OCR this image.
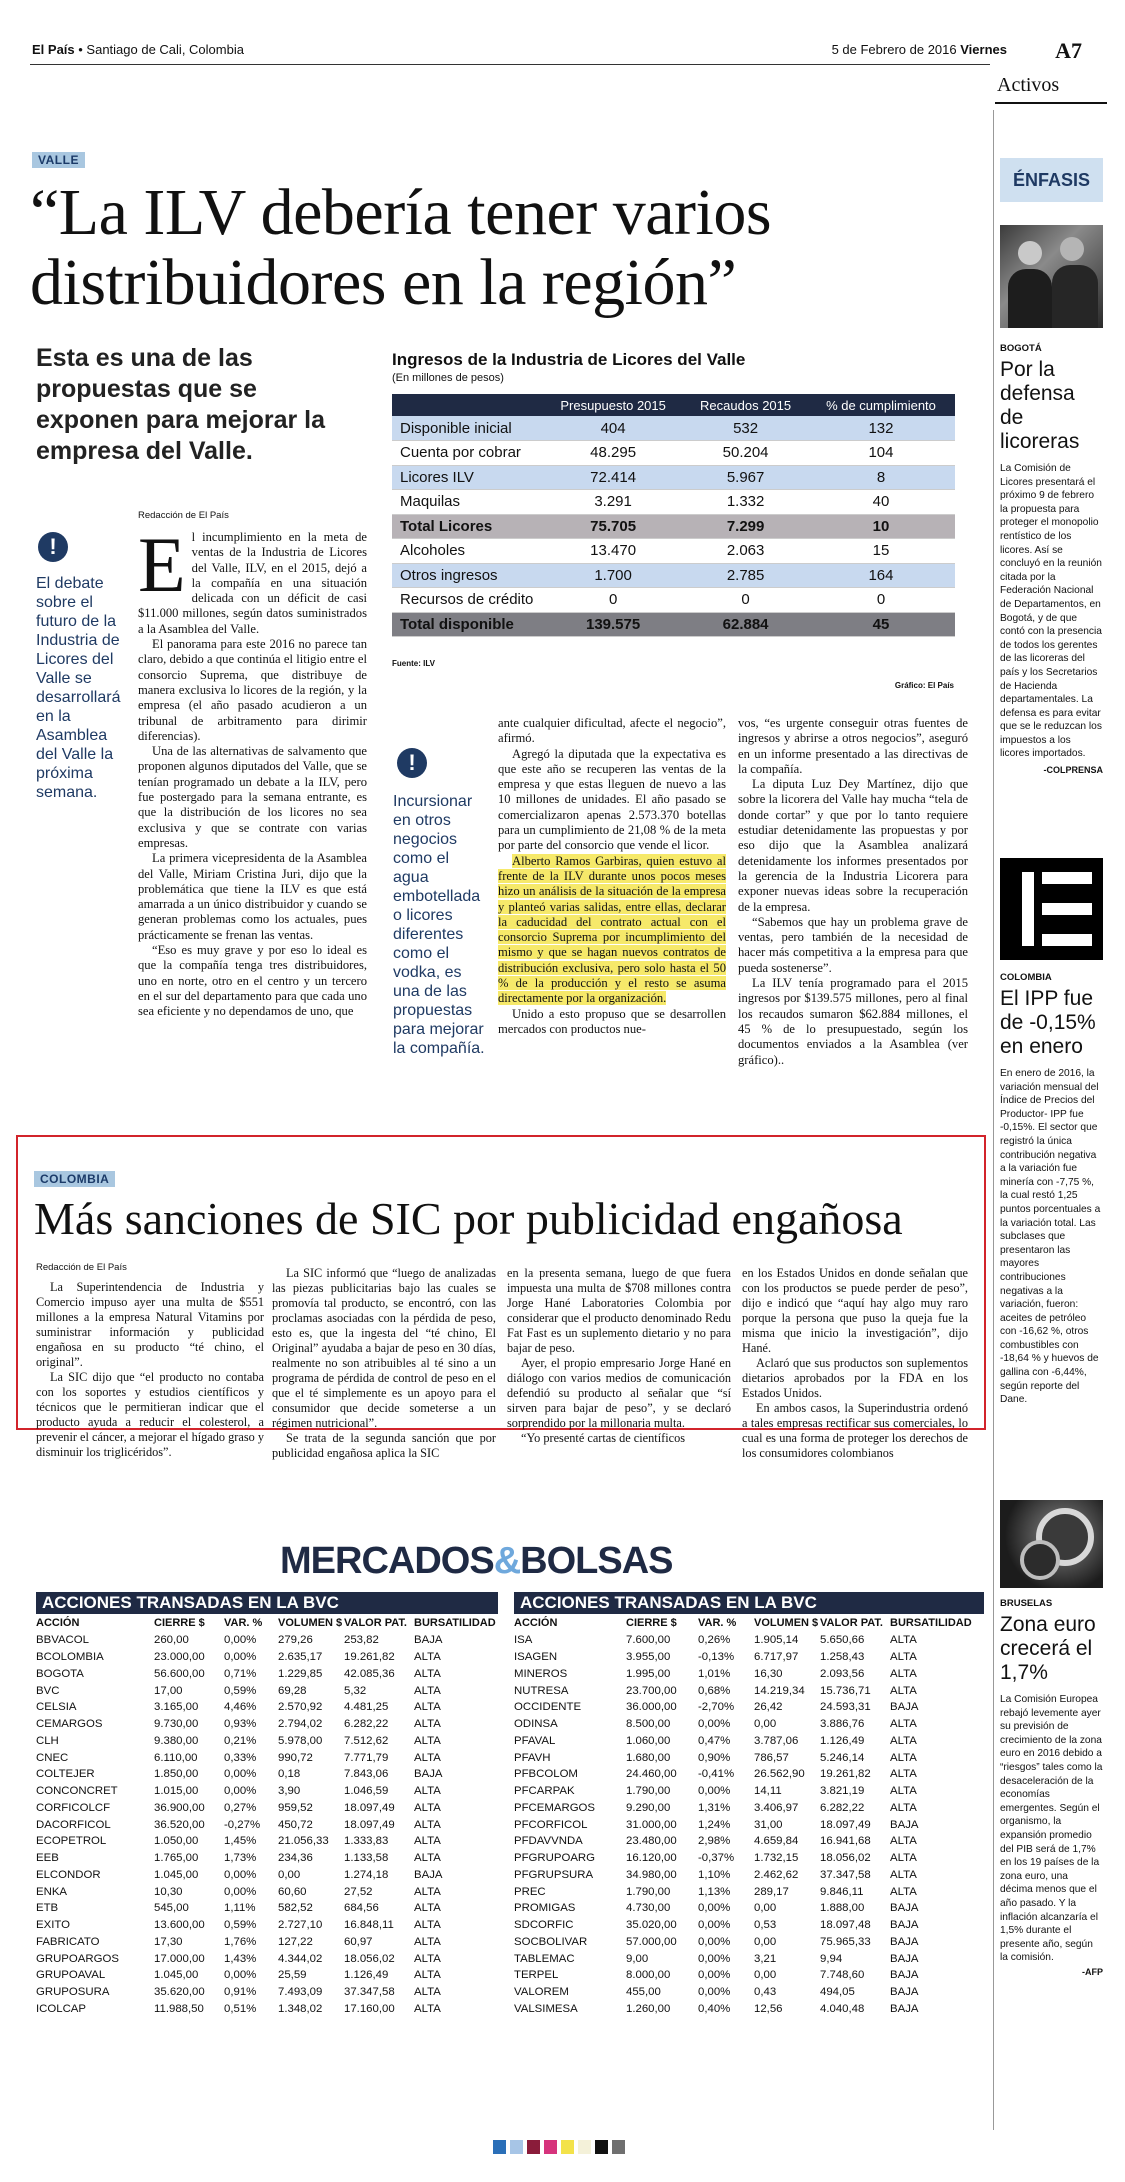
El País • Santiago de Cali, Colombia	5 de Febrero de 2016 Viernes A7
Activos
VALLE
“La ILV debería tener varios distribuidores en la región”
Esta es una de las propuestas que se exponen para mejorar la empresa del Valle.
!
El debate sobre el futuro de la Industria de Licores del Valle se desarrollará en la Asamblea del Valle la próxima semana.
Redacción de El País
E l incumplimiento en la meta de ventas de la Industria de Licores del Valle, ILV, en el 2015, dejó a la compañía en una situación delicada con un déficit de casi $11.000 millones, según datos suministrados a la Asamblea del Valle.

El panorama para este 2016 no parece tan claro, debido a que continúa el litigio entre el consorcio Suprema, que distribuye de manera exclusiva lo licores de la región, y la empresa (el año pasado acudieron a un tribunal de arbitramento para dirimir diferencias).

Una de las alternativas de salvamento que proponen algunos diputados del Valle, que se tenían programado un debate a la ILV, pero fue postergado para la semana entrante, es que la distribución de los licores no sea exclusiva y que se contrate con varias empresas.

La primera vicepresidenta de la Asamblea del Valle, Miriam Cristina Juri, dijo que la problemática que tiene la ILV es que está amarrada a un único distribuidor y cuando se generan problemas como los actuales, pues prácticamente se frenan las ventas.

“Eso es muy grave y por eso lo ideal es que la compañía tenga tres distribuidores, uno en norte, otro en el centro y un tercero en el sur del departamento para que cada uno sea eficiente y no dependamos de uno, que

Ingresos de la Industria de Licores del Valle
(En millones de pesos)
	Presupuesto 2015	Recaudos 2015	% de cumplimiento
Disponible inicial	404	532	132
Cuenta por cobrar	48.295	50.204	104
Licores ILV	72.414	5.967	8
Maquilas	3.291	1.332	40
Total Licores	75.705	7.299	10
Alcoholes	13.470	2.063	15
Otros ingresos	1.700	2.785	164
Recursos de crédito	0	0	0
Total disponible	139.575	62.884	45
Fuente: ILV
Gráfico: El País
!
Incursionar en otros negocios como el agua embotellada o licores diferentes como el vodka, es una de las propuestas para mejorar la compañía.

ante cualquier dificultad, afecte el negocio”, afirmó.

Agregó la diputada que la expectativa es que este año se recuperen las ventas de la empresa y que estas lleguen de nuevo a las 10 millones de unidades. El año pasado se comercializaron apenas 2.573.370 botellas para un cumplimiento de 21,08 % de la meta por parte del consorcio que vende el licor.

Alberto Ramos Garbiras, quien estuvo al frente de la ILV durante unos pocos meses hizo un análisis de la situación de la empresa y planteó varias salidas, entre ellas, declarar la caducidad del contrato actual con el consorcio Suprema por incumplimiento del mismo y que se hagan nuevos contratos de distribución exclusiva, pero solo hasta el 50 % de la producción y el resto se asuma directamente por la organización.

Unido a esto propuso que se desarrollen mercados con productos nue-

vos, “es urgente conseguir otras fuentes de ingresos y abrirse a otros negocios”, aseguró en un informe presentado a las directivas de la compañía.

La diputa Luz Dey Martínez, dijo que sobre la licorera del Valle hay mucha “tela de donde cortar” y que por lo tanto requiere estudiar detenidamente las propuestas y por eso dijo que la Asamblea analizará detenidamente los informes presentados por la gerencia de la Industria Licorera para exponer nuevas ideas sobre la recuperación de la empresa.

“Sabemos que hay un problema grave de ventas, pero también de la necesidad de hacer más competitiva a la empresa para que pueda sostenerse”.

La ILV tenía programado para el 2015 ingresos por $139.575 millones, pero al final los recaudos sumaron $62.884 millones, el 45 % de lo presupuestado, según los documentos enviados a la Asamblea (ver gráfico)..

COLOMBIA
Más sanciones de SIC por publicidad engañosa
Redacción de El País

La Superintendencia de Industria y Comercio impuso ayer una multa de $551 millones a la empresa Natural Vitamins por suministrar información y publicidad engañosa en su producto “té chino, el original”.

La SIC dijo que “el producto no contaba con los soportes y estudios científicos y técnicos que le permitieran indicar que el producto ayuda a reducir el colesterol, a prevenir el cáncer, a mejorar el hígado graso y disminuir los triglicéridos”.

La SIC informó que “luego de analizadas las piezas publicitarias bajo las cuales se promovía tal producto, se encontró, con las proclamas asociadas con la pérdida de peso, esto es, que la ingesta del “té chino, El Original” ayudaba a bajar de peso en 30 días, realmente no son atribuibles al té sino a un programa de pérdida de control de peso en el que el té simplemente es un apoyo para el consumidor que decide someterse a un régimen nutricional”.

Se trata de la segunda sanción que por publicidad engañosa aplica la SIC

en la presenta semana, luego de que fuera impuesta una multa de $708 millones contra Jorge Hané Laboratories Colombia por considerar que el producto denominado Redu Fat Fast es un suplemento dietario y no para bajar de peso.

Ayer, el propio empresario Jorge Hané en diálogo con varios medios de comunicación defendió su producto al señalar que “sí sirven para bajar de peso”, y se declaró sorprendido por la millonaria multa.

“Yo presenté cartas de científicos

en los Estados Unidos en donde señalan que con los productos se puede perder de peso”, dijo e indicó que “aquí hay algo muy raro porque la persona que puso la queja fue la misma que inicio la investigación”, dijo Hané.

Aclaró que sus productos son suplementos dietarios aprobados por la FDA en los Estados Unidos.

En ambos casos, la Superindustria ordenó a tales empresas rectificar sus comerciales, lo cual es una forma de proteger los derechos de los consumidores colombianos

MERCADOS&BOLSAS
ACCIONES TRANSADAS EN LA BVC
ACCIÓN	CIERRE $	VAR. %	VOLUMEN $	VALOR PAT.	BURSATILIDAD
BBVACOL	260,00	0,00%	279,26	253,82	BAJA
BCOLOMBIA	23.000,00	0,00%	2.635,17	19.261,82	ALTA
BOGOTA	56.600,00	0,71%	1.229,85	42.085,36	ALTA
BVC	17,00	0,59%	69,28	5,32	ALTA
CELSIA	3.165,00	4,46%	2.570,92	4.481,25	ALTA
CEMARGOS	9.730,00	0,93%	2.794,02	6.282,22	ALTA
CLH	9.380,00	0,21%	5.978,00	7.512,62	ALTA
CNEC	6.110,00	0,33%	990,72	7.771,79	ALTA
COLTEJER	1.850,00	0,00%	0,18	7.843,06	BAJA
CONCONCRET	1.015,00	0,00%	3,90	1.046,59	ALTA
CORFICOLCF	36.900,00	0,27%	959,52	18.097,49	ALTA
DACORFICOL	36.520,00	-0,27%	450,72	18.097,49	ALTA
ECOPETROL	1.050,00	1,45%	21.056,33	1.333,83	ALTA
EEB	1.765,00	1,73%	234,36	1.133,58	ALTA
ELCONDOR	1.045,00	0,00%	0,00	1.274,18	BAJA
ENKA	10,30	0,00%	60,60	27,52	ALTA
ETB	545,00	1,11%	582,52	684,56	ALTA
EXITO	13.600,00	0,59%	2.727,10	16.848,11	ALTA
FABRICATO	17,30	1,76%	127,22	60,97	ALTA
GRUPOARGOS	17.000,00	1,43%	4.344,02	18.056,02	ALTA
GRUPOAVAL	1.045,00	0,00%	25,59	1.126,49	ALTA
GRUPOSURA	35.620,00	0,91%	7.493,09	37.347,58	ALTA
ICOLCAP	11.988,50	0,51%	1.348,02	17.160,00	ALTA
ACCIONES TRANSADAS EN LA BVC
ACCIÓN	CIERRE $	VAR. %	VOLUMEN $	VALOR PAT.	BURSATILIDAD
ISA	7.600,00	0,26%	1.905,14	5.650,66	ALTA
ISAGEN	3.955,00	-0,13%	6.717,97	1.258,43	ALTA
MINEROS	1.995,00	1,01%	16,30	2.093,56	ALTA
NUTRESA	23.700,00	0,68%	14.219,34	15.736,71	ALTA
OCCIDENTE	36.000,00	-2,70%	26,42	24.593,31	BAJA
ODINSA	8.500,00	0,00%	0,00	3.886,76	ALTA
PFAVAL	1.060,00	0,47%	3.787,06	1.126,49	ALTA
PFAVH	1.680,00	0,90%	786,57	5.246,14	ALTA
PFBCOLOM	24.460,00	-0,41%	26.562,90	19.261,82	ALTA
PFCARPAK	1.790,00	0,00%	14,11	3.821,19	ALTA
PFCEMARGOS	9.290,00	1,31%	3.406,97	6.282,22	ALTA
PFCORFICOL	31.000,00	1,24%	31,00	18.097,49	BAJA
PFDAVVNDA	23.480,00	2,98%	4.659,84	16.941,68	ALTA
PFGRUPOARG	16.120,00	-0,37%	1.732,15	18.056,02	ALTA
PFGRUPSURA	34.980,00	1,10%	2.462,62	37.347,58	ALTA
PREC	1.790,00	1,13%	289,17	9.846,11	ALTA
PROMIGAS	4.730,00	0,00%	0,00	1.888,00	BAJA
SDCORFIC	35.020,00	0,00%	0,53	18.097,48	BAJA
SOCBOLIVAR	57.000,00	0,00%	0,00	75.965,33	BAJA
TABLEMAC	9,00	0,00%	3,21	9,94	BAJA
TERPEL	8.000,00	0,00%	0,00	7.748,60	BAJA
VALOREM	455,00	0,00%	0,43	494,05	BAJA
VALSIMESA	1.260,00	0,40%	12,56	4.040,48	BAJA
ÉNFASIS
BOGOTÁ
Por la defensa de licoreras
La Comisión de Licores presentará el próximo 9 de febrero la propuesta para proteger el monopolio rentístico de los licores. Así se concluyó en la reunión citada por la Federación Nacional de Departamentos, en Bogotá, y de que contó con la presencia de todos los gerentes de las licoreras del país y los Secretarios de Hacienda departamentales. La defensa es para evitar que se le reduzcan los impuestos a los licores importados.
-COLPRENSA
COLOMBIA
El IPP fue de -0,15% en enero
En enero de 2016, la variación mensual del Índice de Precios del Productor- IPP fue -0,15%. El sector que registró la única contribución negativa a la variación fue minería con -7,75 %, la cual restó 1,25 puntos porcentuales a la variación total. Las subclases que presentaron las mayores contribuciones negativas a la variación, fueron: aceites de petróleo con -16,62 %, otros combustibles con -18,64 % y huevos de gallina con -6,44%, según reporte del Dane.
BRUSELAS
Zona euro crecerá el 1,7%
La Comisión Europea rebajó levemente ayer su previsión de crecimiento de la zona euro en 2016 debido a “riesgos” tales como la desaceleración de la economías emergentes. Según el organismo, la expansión promedio del PIB será de 1,7% en los 19 países de la zona euro, una décima menos que el año pasado. Y la inflación alcanzaría el 1,5% durante el presente año, según la comisión.
-AFP
